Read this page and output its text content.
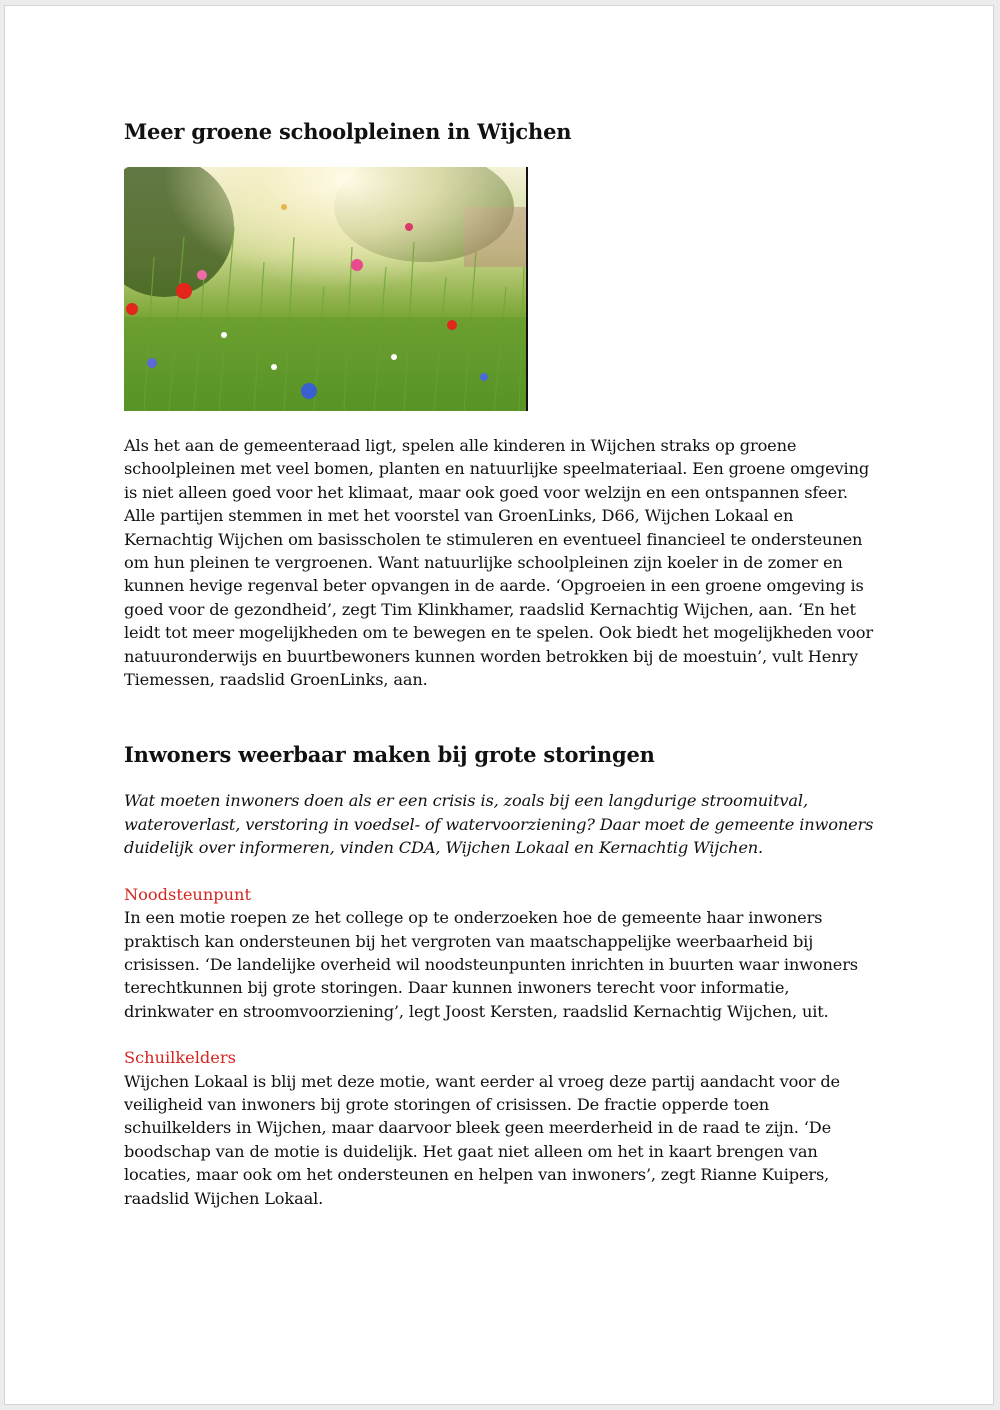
Meer groene schoolpleinen in Wijchen

Als het aan de gemeenteraad ligt, spelen alle kinderen in Wijchen straks op groene schoolpleinen met veel bomen, planten en natuurlijke speelmateriaal. Een groene omgeving is niet alleen goed voor het klimaat, maar ook goed voor welzijn en een ontspannen sfeer. Alle partijen stemmen in met het voorstel van GroenLinks, D66, Wijchen Lokaal en Kernachtig Wijchen om basisscholen te stimuleren en eventueel financieel te ondersteunen om hun pleinen te vergroenen. Want natuurlijke schoolpleinen zijn koeler in de zomer en kunnen hevige regenval beter opvangen in de aarde. ‘Opgroeien in een groene omgeving is goed voor de gezondheid’, zegt Tim Klinkhamer, raadslid Kernachtig Wijchen, aan. ‘En het leidt tot meer mogelijkheden om te bewegen en te spelen. Ook biedt het mogelijkheden voor natuuronderwijs en buurtbewoners kunnen worden betrokken bij de moestuin’, vult Henry Tiemessen, raadslid GroenLinks, aan.

Inwoners weerbaar maken bij grote storingen

Wat moeten inwoners doen als er een crisis is, zoals bij een langdurige stroomuitval, wateroverlast, verstoring in voedsel- of watervoorziening? Daar moet de gemeente inwoners duidelijk over informeren, vinden CDA, Wijchen Lokaal en Kernachtig Wijchen.

Noodsteunpunt

In een motie roepen ze het college op te onderzoeken hoe de gemeente haar inwoners praktisch kan ondersteunen bij het vergroten van maatschappelijke weerbaarheid bij crisissen. ‘De landelijke overheid wil noodsteunpunten inrichten in buurten waar inwoners terechtkunnen bij grote storingen. Daar kunnen inwoners terecht voor informatie, drinkwater en stroomvoorziening’, legt Joost Kersten, raadslid Kernachtig Wijchen, uit.

Schuilkelders

Wijchen Lokaal is blij met deze motie, want eerder al vroeg deze partij aandacht voor de veiligheid van inwoners bij grote storingen of crisissen. De fractie opperde toen schuilkelders in Wijchen, maar daarvoor bleek geen meerderheid in de raad te zijn. ‘De boodschap van de motie is duidelijk. Het gaat niet alleen om het in kaart brengen van locaties, maar ook om het ondersteunen en helpen van inwoners’, zegt Rianne Kuipers, raadslid Wijchen Lokaal.
